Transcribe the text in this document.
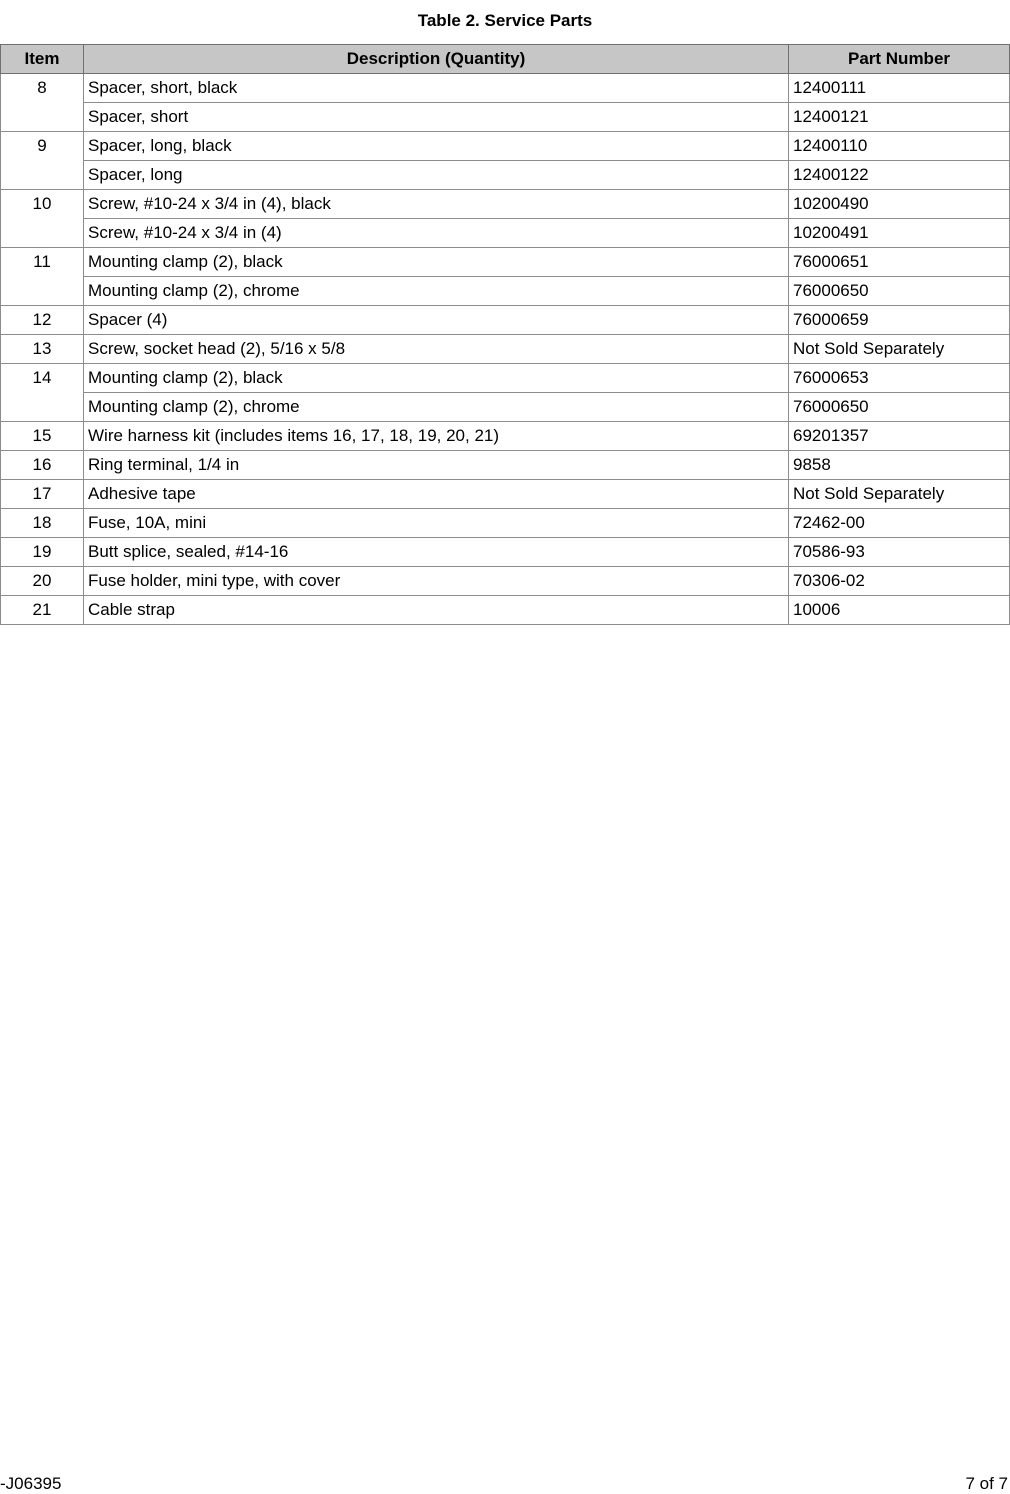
Table 2. Service Parts
Item	Description (Quantity)	Part Number
8	Spacer, short, black	12400111
	Spacer, short	12400121
9	Spacer, long, black	12400110
	Spacer, long	12400122
10	Screw, #10-24 x 3/4 in (4), black	10200490
	Screw, #10-24 x 3/4 in (4)	10200491
11	Mounting clamp (2), black	76000651
	Mounting clamp (2), chrome	76000650
12	Spacer (4)	76000659
13	Screw, socket head (2), 5/16 x 5/8	Not Sold Separately
14	Mounting clamp (2), black	76000653
	Mounting clamp (2), chrome	76000650
15	Wire harness kit (includes items 16, 17, 18, 19, 20, 21)	69201357
16	Ring terminal, 1/4 in	9858
17	Adhesive tape	Not Sold Separately
18	Fuse, 10A, mini	72462-00
19	Butt splice, sealed, #14-16	70586-93
20	Fuse holder, mini type, with cover	70306-02
21	Cable strap	10006
-J06395	7 of 7
